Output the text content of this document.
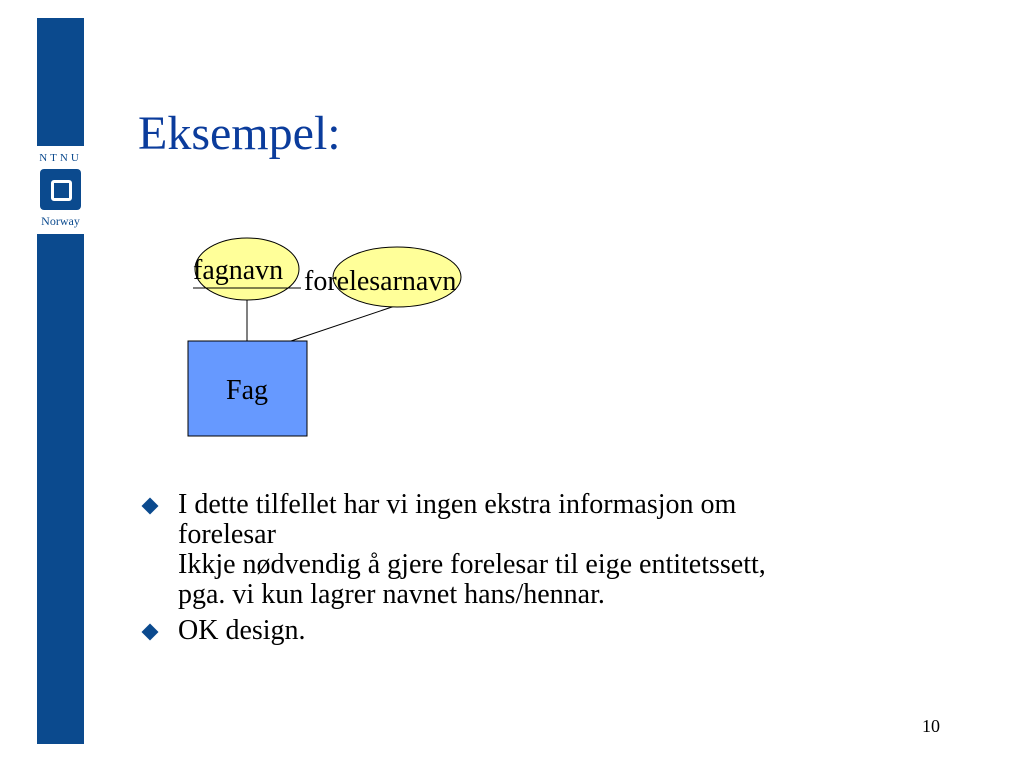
NTNU
Norway
Eksempel:
fagnavn forelesarnavn
Fag
I dette tilfellet har vi ingen ekstra informasjon om
forelesar
Ikkje nødvendig å gjere forelesar til eige entitetssett,
pga. vi kun lagrer navnet hans/hennar.
OK design.
10
